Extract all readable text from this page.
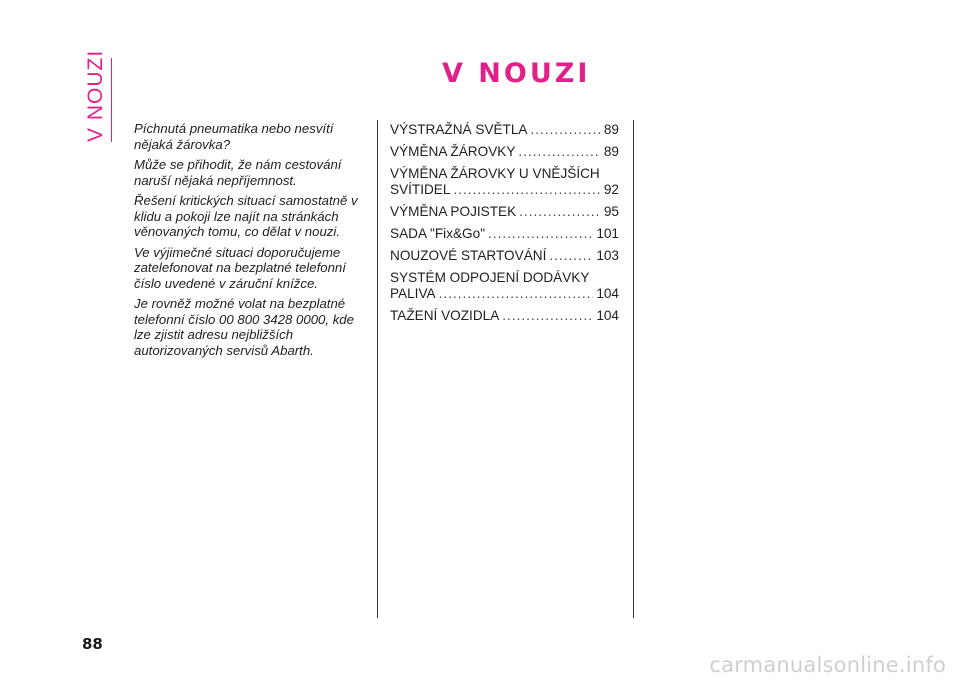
V NOUZI	V NOUZI

Píchnutá pneumatika nebo nesvítí nějaká žárovka?

Může se přihodit, že nám cestování naruší nějaká nepříjemnost.

Řešení kritických situací samostatně v klidu a pokoji lze najít na stránkách věnovaných tomu, co dělat v nouzi.

Ve výjimečné situaci doporučujeme zatelefonovat na bezplatné telefonní číslo uvedené v záruční knížce.

Je rovněž možné volat na bezplatné telefonní číslo 00 800 3428 0000, kde lze zjistit adresu nejbližších autorizovaných servisů Abarth.

VÝSTRAŽNÁ SVĚTLA .....	89
VÝMĚNA ŽÁROVKY .....	89
VÝMĚNA ŽÁROVKY U VNĚJŠÍCH
SVÍTIDEL .....	92
VÝMĚNA POJISTEK .....	95
SADA "Fix&Go" .....	101
NOUZOVÉ STARTOVÁNÍ .....	103
SYSTÉM ODPOJENÍ DODÁVKY
PALIVA .....	104
TAŽENÍ VOZIDLA .....	104
88
carmanualsonline.info
